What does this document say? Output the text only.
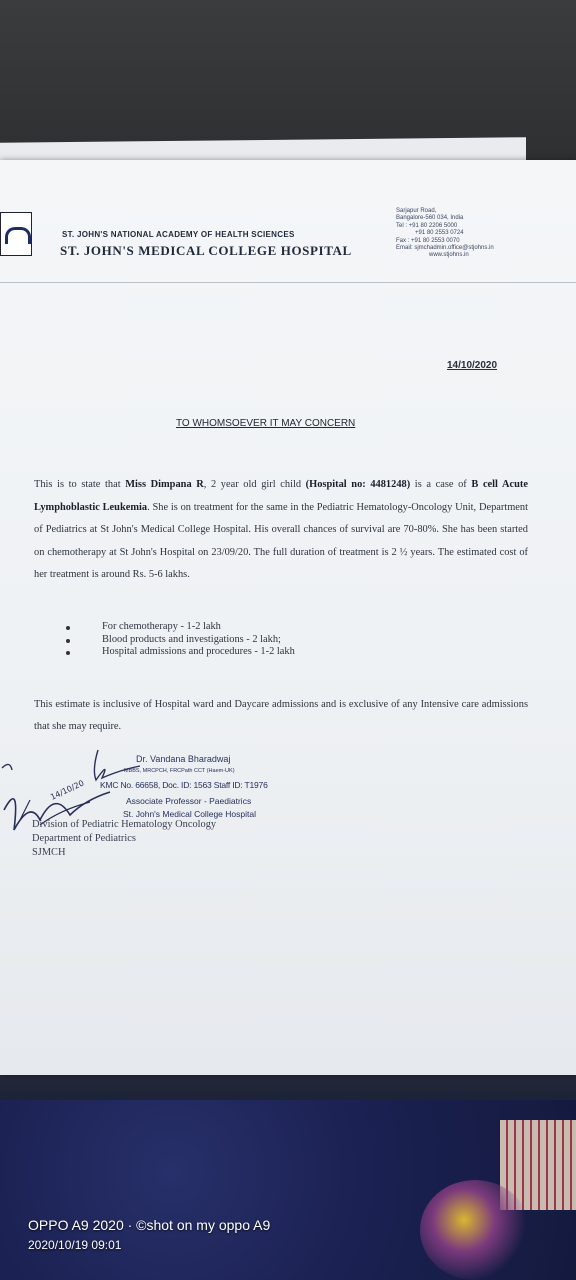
ST. JOHN'S NATIONAL ACADEMY OF HEALTH SCIENCES
ST. JOHN'S MEDICAL COLLEGE HOSPITAL
Sarjapur Road,
Bangalore-560 034, India
Tel : +91 80 2206 5000
+91 80 2553 0724
Fax : +91 80 2553 0070
Email: sjmchadmin.office@stjohns.in
www.stjohns.in
14/10/2020
TO WHOMSOEVER IT MAY CONCERN
This is to state that Miss Dimpana R, 2 year old girl child (Hospital no: 4481248) is a case of B cell Acute Lymphoblastic Leukemia. She is on treatment for the same in the Pediatric Hematology-Oncology Unit, Department of Pediatrics at St John's Medical College Hospital. His overall chances of survival are 70-80%. She has been started on chemotherapy at St John's Hospital on 23/09/20. The full duration of treatment is 2 ½ years. The estimated cost of her treatment is around Rs. 5-6 lakhs.
For chemotherapy - 1-2 lakh
Blood products and investigations - 2 lakh;
Hospital admissions and procedures - 1-2 lakh
This estimate is inclusive of Hospital ward and Daycare admissions and is exclusive of any Intensive care admissions that she may require.
14/10/20
Dr. Vandana Bharadwaj
MBBS, MRCPCH, FRCPath CCT (Haem-UK)
KMC No. 66658, Doc. ID: 1563 Staff ID: T1976
Associate Professor - Paediatrics
St. John's Medical College Hospital
Division of Pediatric Hematology Oncology
Department of Pediatrics
SJMCH
OPPO A9 2020 · ©shot on my oppo A9
2020/10/19 09:01
